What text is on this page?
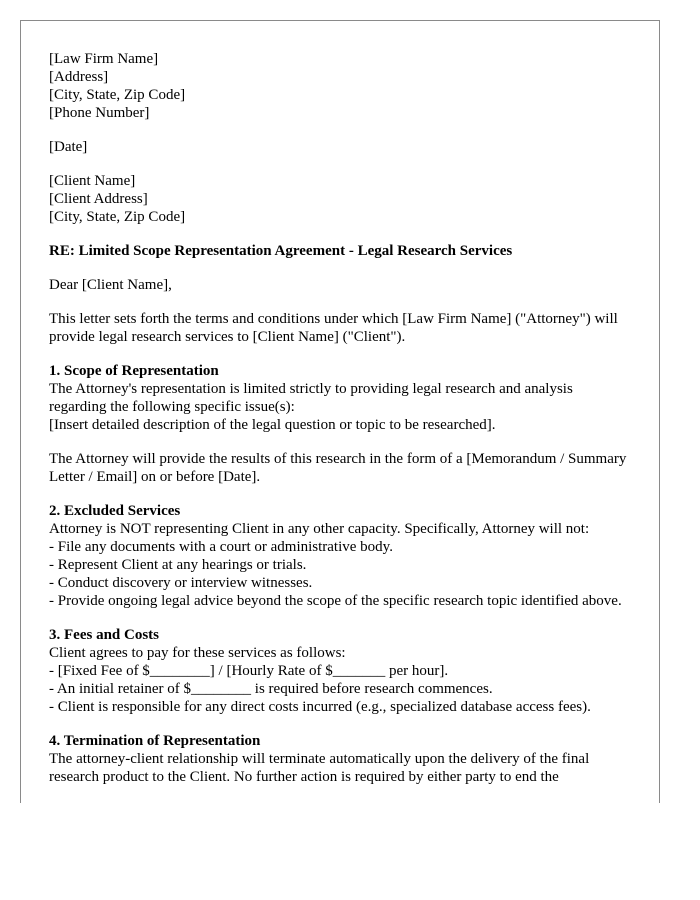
[Law Firm Name]
[Address]
[City, State, Zip Code]
[Phone Number]
[Date]
[Client Name]
[Client Address]
[City, State, Zip Code]
RE: Limited Scope Representation Agreement - Legal Research Services
Dear [Client Name],
This letter sets forth the terms and conditions under which [Law Firm Name] ("Attorney") will provide legal research services to [Client Name] ("Client").
1. Scope of Representation
The Attorney's representation is limited strictly to providing legal research and analysis regarding the following specific issue(s):
[Insert detailed description of the legal question or topic to be researched].
The Attorney will provide the results of this research in the form of a [Memorandum / Summary Letter / Email] on or before [Date].
2. Excluded Services
Attorney is NOT representing Client in any other capacity. Specifically, Attorney will not:
- File any documents with a court or administrative body.
- Represent Client at any hearings or trials.
- Conduct discovery or interview witnesses.
- Provide ongoing legal advice beyond the scope of the specific research topic identified above.
3. Fees and Costs
Client agrees to pay for these services as follows:
- [Fixed Fee of $________] / [Hourly Rate of $_______ per hour].
- An initial retainer of $________ is required before research commences.
- Client is responsible for any direct costs incurred (e.g., specialized database access fees).
4. Termination of Representation
The attorney-client relationship will terminate automatically upon the delivery of the final research product to the Client. No further action is required by either party to end the
